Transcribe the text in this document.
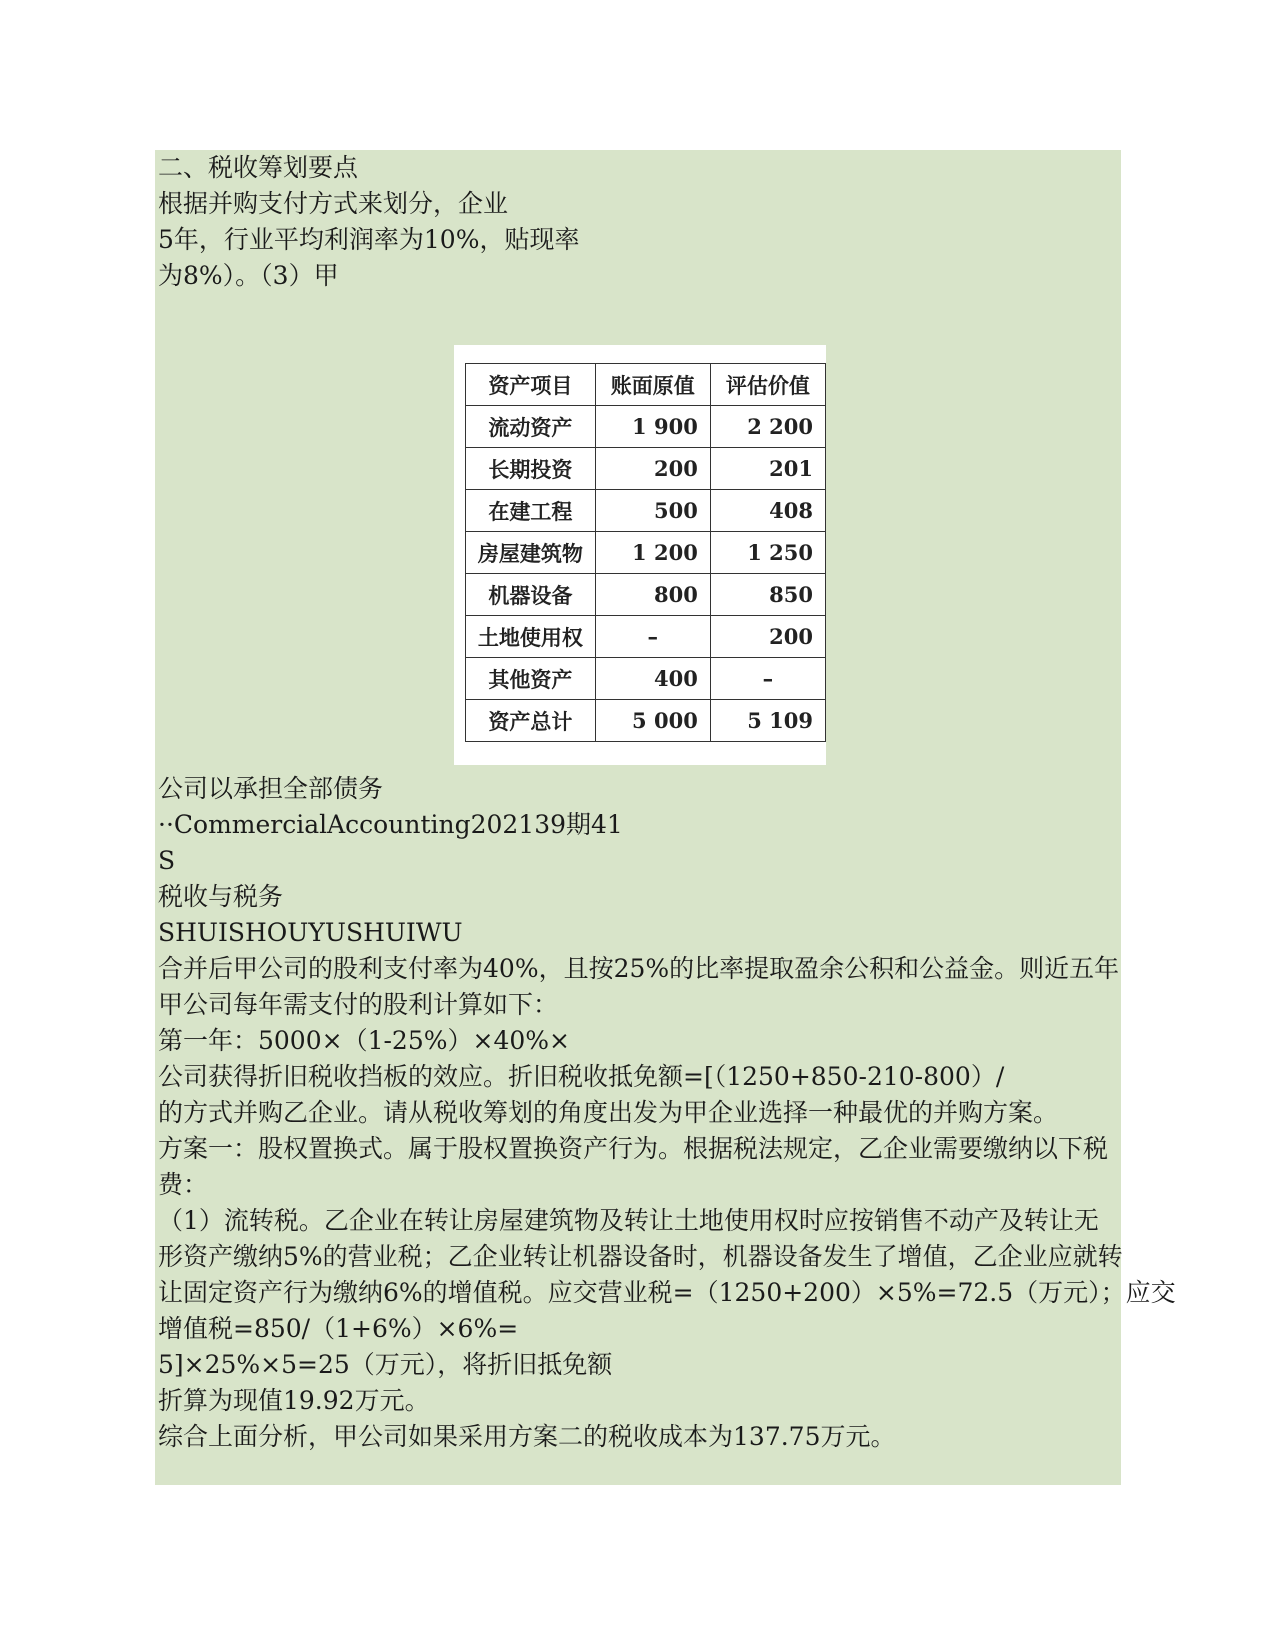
二、税收筹划要点
根据并购支付方式来划分，企业
5年，行业平均利润率为10%，贴现率
为8%）。（3）甲
资产项目	账面原值	评估价值
流动资产	1 900	2 200
长期投资	200	201
在建工程	500	408
房屋建筑物	1 200	1 250
机器设备	800	850
土地使用权	–	200
其他资产	400	–
资产总计	5 000	5 109
公司以承担全部债务
··CommercialAccounting202139期41
S
税收与税务
SHUISHOUYUSHUIWU
合并后甲公司的股利支付率为40%，且按25%的比率提取盈余公积和公益金。则近五年
甲公司每年需支付的股利计算如下：
第一年：5000×（1-25%）×40%×
公司获得折旧税收挡板的效应。折旧税收抵免额=[（1250+850-210-800）/
的方式并购乙企业。请从税收筹划的角度出发为甲企业选择一种最优的并购方案。
方案一：股权置换式。属于股权置换资产行为。根据税法规定，乙企业需要缴纳以下税
费：
（1）流转税。乙企业在转让房屋建筑物及转让土地使用权时应按销售不动产及转让无
形资产缴纳5%的营业税；乙企业转让机器设备时，机器设备发生了增值，乙企业应就转
让固定资产行为缴纳6%的增值税。应交营业税=（1250+200）×5%=72.5（万元）；应交
增值税=850/（1+6%）×6%=
5]×25%×5=25（万元），将折旧抵免额
折算为现值19.92万元。
综合上面分析，甲公司如果采用方案二的税收成本为137.75万元。
